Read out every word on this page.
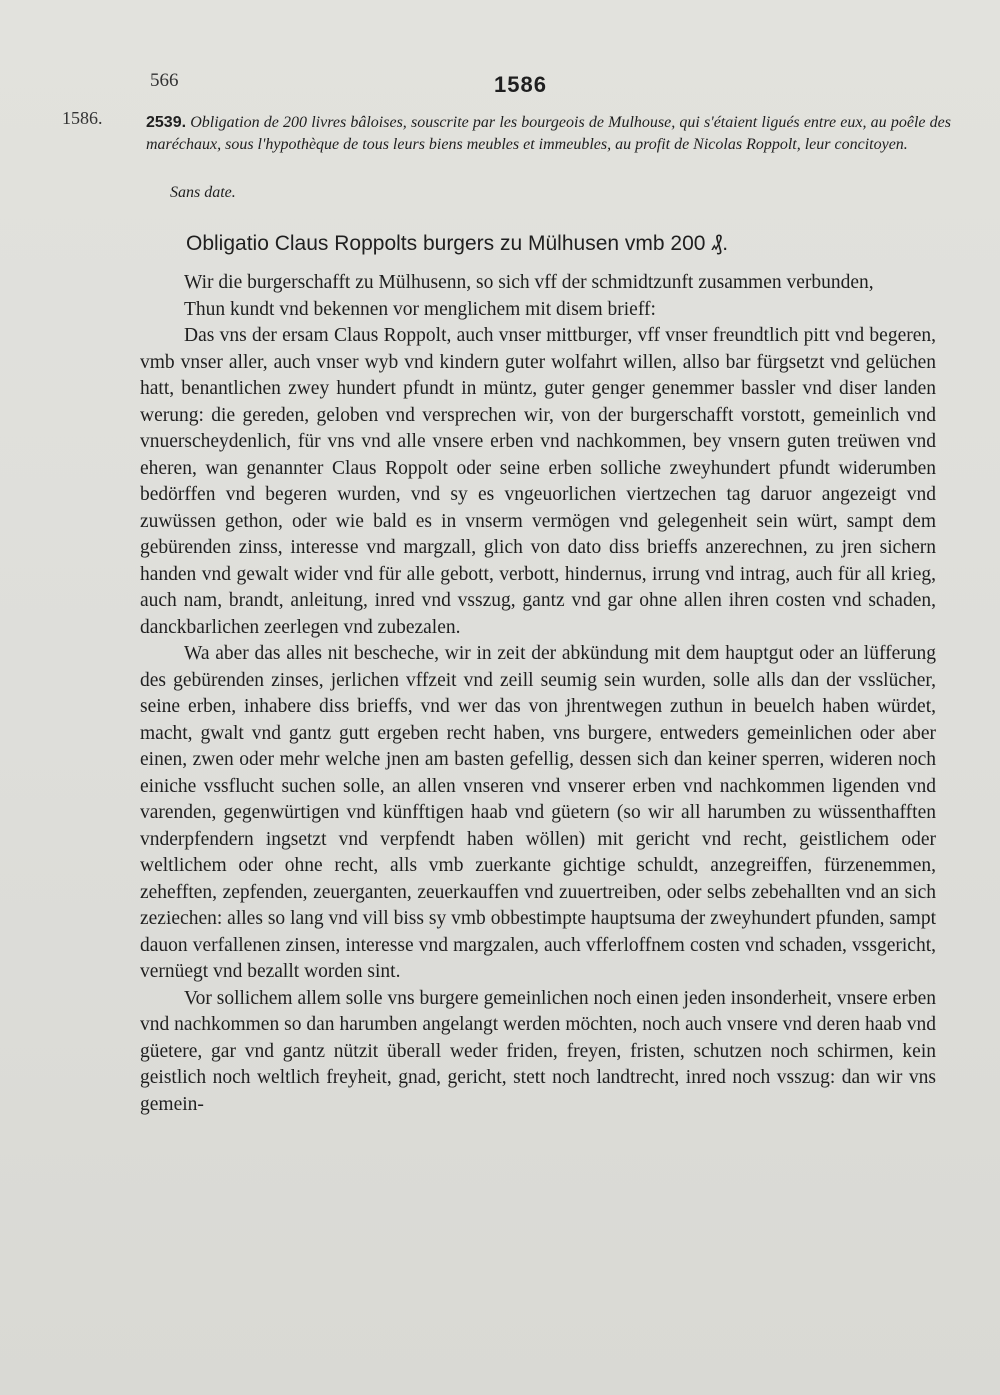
566	1586
1586.	2539. Obligation de 200 livres bâloises, souscrite par les bourgeois de Mulhouse, qui s'étaient ligués entre eux, au poêle des maréchaux, sous l'hypothèque de tous leurs biens meubles et immeubles, au profit de Nicolas Roppolt, leur concitoyen.
Sans date.
Obligatio Claus Roppolts burgers zu Mülhusen vmb 200 ₰.

Wir die burgerschafft zu Mülhusenn, so sich vff der schmidtzunft zusammen verbunden,

Thun kundt vnd bekennen vor menglichem mit disem brieff:

Das vns der ersam Claus Roppolt, auch vnser mittburger, vff vnser freundtlich pitt vnd begeren, vmb vnser aller, auch vnser wyb vnd kindern guter wolfahrt willen, allso bar fürgsetzt vnd gelüchen hatt, benantlichen zwey hundert pfundt in müntz, guter genger genemmer bassler vnd diser landen werung: die gereden, geloben vnd versprechen wir, von der burgerschafft vorstott, gemeinlich vnd vnuerscheydenlich, für vns vnd alle vnsere erben vnd nachkommen, bey vnsern guten treüwen vnd eheren, wan genannter Claus Roppolt oder seine erben solliche zweyhundert pfundt widerumben bedörffen vnd begeren wurden, vnd sy es vngeuorlichen viertzechen tag daruor angezeigt vnd zuwüssen gethon, oder wie bald es in vnserm vermögen vnd gelegenheit sein würt, sampt dem gebürenden zinss, interesse vnd margzall, glich von dato diss brieffs anzerechnen, zu jren sichern handen vnd gewalt wider vnd für alle gebott, verbott, hindernus, irrung vnd intrag, auch für all krieg, auch nam, brandt, anleitung, inred vnd vsszug, gantz vnd gar ohne allen ihren costen vnd schaden, danckbarlichen zeerlegen vnd zubezalen.

Wa aber das alles nit bescheche, wir in zeit der abkündung mit dem hauptgut oder an lüfferung des gebürenden zinses, jerlichen vffzeit vnd zeill seumig sein wurden, solle alls dan der vsslücher, seine erben, inhabere diss brieffs, vnd wer das von jhrentwegen zuthun in beuelch haben würdet, macht, gwalt vnd gantz gutt ergeben recht haben, vns burgere, entweders gemeinlichen oder aber einen, zwen oder mehr welche jnen am basten gefellig, dessen sich dan keiner sperren, wideren noch einiche vssflucht suchen solle, an allen vnseren vnd vnserer erben vnd nachkommen ligenden vnd varenden, gegenwürtigen vnd künfftigen haab vnd güetern (so wir all harumben zu wüssenthafften vnderpfendern ingsetzt vnd verpfendt haben wöllen) mit gericht vnd recht, geistlichem oder weltlichem oder ohne recht, alls vmb zuerkante gichtige schuldt, anzegreiffen, fürzenemmen, zehefften, zepfenden, zeuerganten, zeuerkauffen vnd zuuertreiben, oder selbs zebehallten vnd an sich zeziechen: alles so lang vnd vill biss sy vmb obbestimpte hauptsuma der zweyhundert pfunden, sampt dauon verfallenen zinsen, interesse vnd margzalen, auch vfferloffnem costen vnd schaden, vssgericht, vernüegt vnd bezallt worden sint.

Vor sollichem allem solle vns burgere gemeinlichen noch einen jeden insonderheit, vnsere erben vnd nachkommen so dan harumben angelangt werden möchten, noch auch vnsere vnd deren haab vnd güetere, gar vnd gantz nützit überall weder friden, freyen, fristen, schutzen noch schirmen, kein geistlich noch weltlich freyheit, gnad, gericht, stett noch landtrecht, inred noch vsszug: dan wir vns gemein-
